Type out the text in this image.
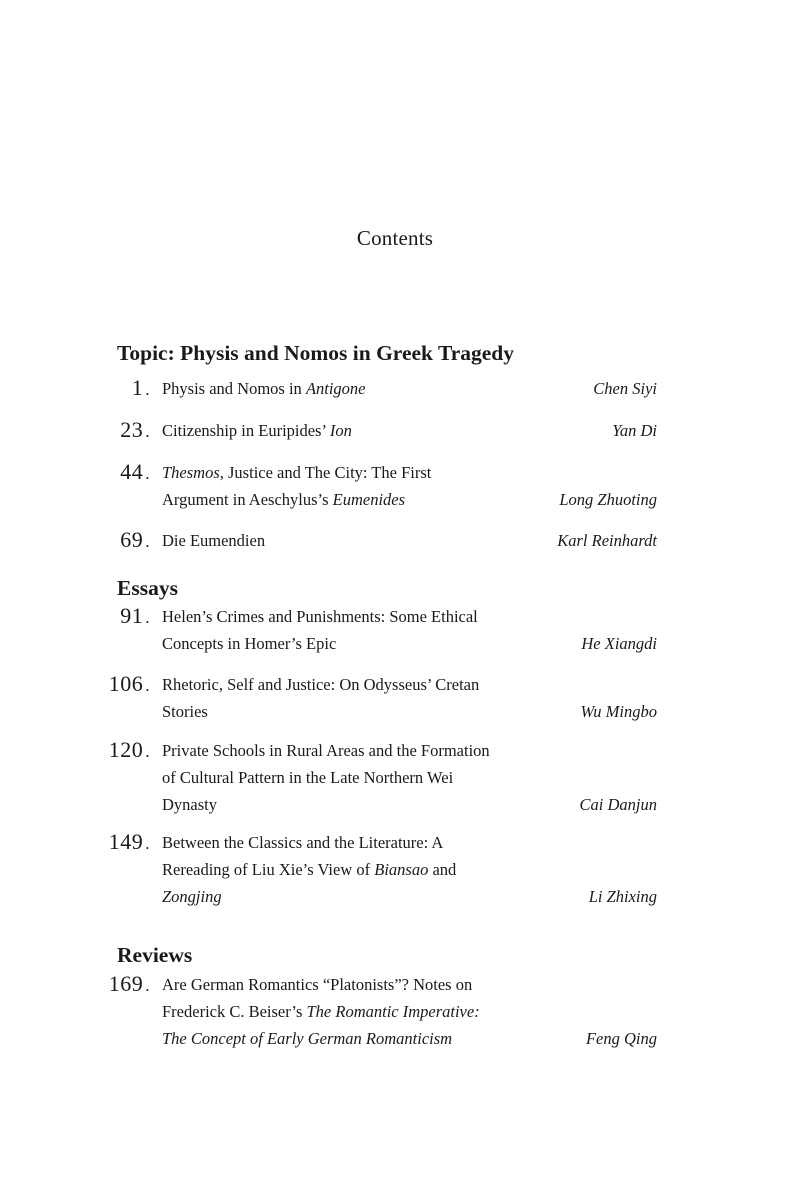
Contents
Topic: Physis and Nomos in Greek Tragedy
1 . Physis and Nomos in Antigone	Chen Siyi
23 . Citizenship in Euripides’ Ion	Yan Di
44 . Thesmos, Justice and The City: The First
Argument in Aeschylus’s Eumenides	Long Zhuoting
69 . Die Eumendien	Karl Reinhardt
Essays
91 . Helen’s Crimes and Punishments: Some Ethical
Concepts in Homer’s Epic	He Xiangdi
106 . Rhetoric, Self and Justice: On Odysseus’ Cretan
Stories	Wu Mingbo
120 . Private Schools in Rural Areas and the Formation
of Cultural Pattern in the Late Northern Wei
Dynasty	Cai Danjun
149 . Between the Classics and the Literature: A
Rereading of Liu Xie’s View of Biansao and
Zongjing	Li Zhixing
Reviews
169 . Are German Romantics “Platonists”? Notes on
Frederick C. Beiser’s The Romantic Imperative:
The Concept of Early German Romanticism	Feng Qing
